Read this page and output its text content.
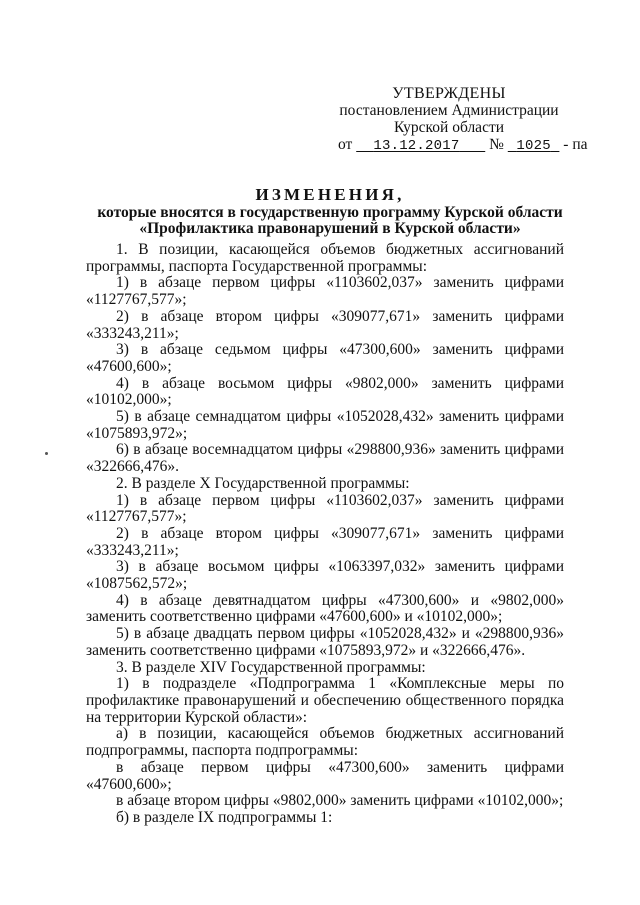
УТВЕРЖДЕНЫ
постановлением Администрации
Курской области
от 13.12.2017 № 1025 - па
ИЗМЕНЕНИЯ,
которые вносятся в государственную программу Курской области
«Профилактика правонарушений в Курской области»

1. В позиции, касающейся объемов бюджетных ассигнований программы, паспорта Государственной программы:

1) в абзаце первом цифры «1103602,037» заменить цифрами «1127767,577»;

2) в абзаце втором цифры «309077,671» заменить цифрами «333243,211»;

3) в абзаце седьмом цифры «47300,600» заменить цифрами «47600,600»;

4) в абзаце восьмом цифры «9802,000» заменить цифрами «10102,000»;

5) в абзаце семнадцатом цифры «1052028,432» заменить цифрами «1075893,972»;

6) в абзаце восемнадцатом цифры «298800,936» заменить цифрами «322666,476».

2. В разделе X Государственной программы:

1) в абзаце первом цифры «1103602,037» заменить цифрами «1127767,577»;

2) в абзаце втором цифры «309077,671» заменить цифрами «333243,211»;

3) в абзаце восьмом цифры «1063397,032» заменить цифрами «1087562,572»;

4) в абзаце девятнадцатом цифры «47300,600» и «9802,000» заменить соответственно цифрами «47600,600» и «10102,000»;

5) в абзаце двадцать первом цифры «1052028,432» и «298800,936» заменить соответственно цифрами «1075893,972» и «322666,476».

3. В разделе XIV Государственной программы:

1) в подразделе «Подпрограмма 1 «Комплексные меры по профилактике правонарушений и обеспечению общественного порядка на территории Курской области»:

а) в позиции, касающейся объемов бюджетных ассигнований подпрограммы, паспорта подпрограммы:

в абзаце первом цифры «47300,600» заменить цифрами «47600,600»;

в абзаце втором цифры «9802,000» заменить цифрами «10102,000»;

б) в разделе IX подпрограммы 1:
